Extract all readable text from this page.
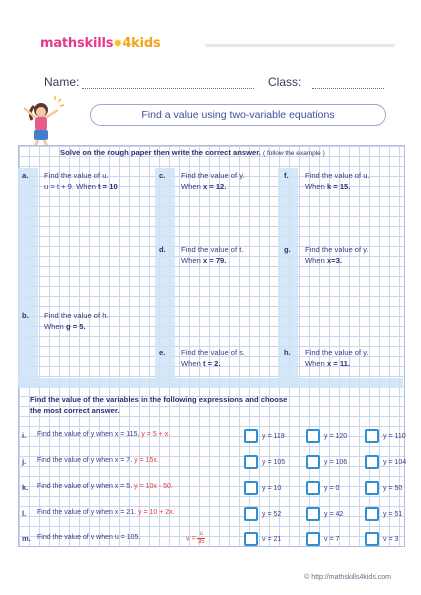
mathskills✸4kids
Name:	Class:
Find a value using two-variable equations
Solve on the rough paper then write the correct answer. ( follow the example )
a. Find the value of u.
u = t + 9. When t = 10
b. Find the value of h.
When g = 5.
c. Find the value of y.
When x = 12.
d. Find the value of t.
When x = 79.
e. Find the value of s.
When t = 2.
f. Find the value of u.
When k = 15.
g. Find the value of y.
When x=3.
h. Find the value of y.
When x = 11.
Find the value of the variables in the following expressions and choose
the most correct answer.
i. Find the value of y when x = 115. y = 5 + x.	y = 119	y = 120	y = 110
j. Find the value of y when x = 7. y = 15x.	y = 105	y = 106	y = 104
k. Find the value of y when x = 5. y = 10x - 50.	y = 10	y = 0	y = 50
l. Find the value of y when x = 21. y = 10 + 2x.	y = 52	y = 42	y = 51
m. Find the value of v when u = 105.	$v = \frac{u}{35}$	v = 21	v = 7	v = 3
© http://mathskills4kids.com
